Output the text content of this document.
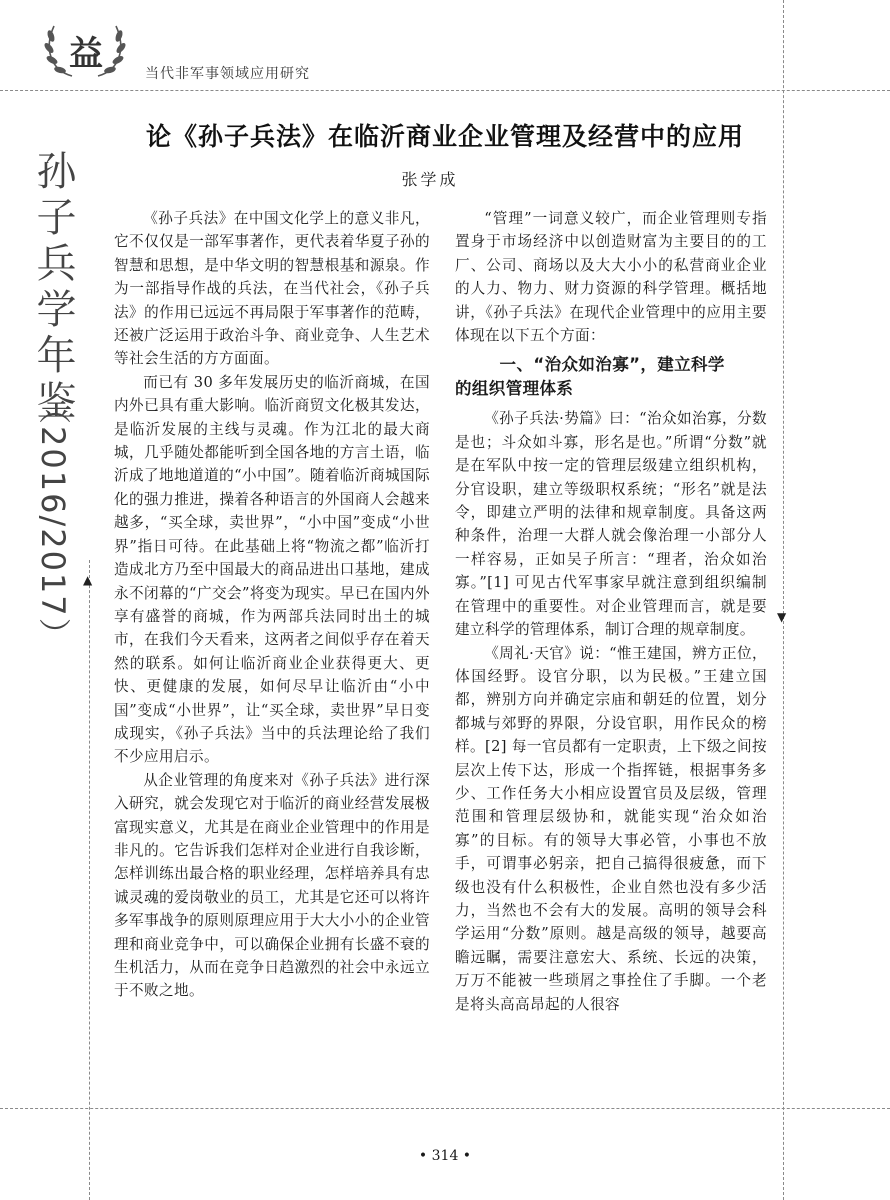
益	当代非军事领域应用研究
孙子兵学年鉴
（2016/2017）
论《孙子兵法》在临沂商业企业管理及经营中的应用
张学成

《孙子兵法》在中国文化学上的意义非凡，它不仅仅是一部军事著作，更代表着华夏子孙的智慧和思想，是中华文明的智慧根基和源泉。作为一部指导作战的兵法，在当代社会，《孙子兵法》的作用已远远不再局限于军事著作的范畴，还被广泛运用于政治斗争、商业竞争、人生艺术等社会生活的方方面面。

而已有 30 多年发展历史的临沂商城，在国内外已具有重大影响。临沂商贸文化极其发达，是临沂发展的主线与灵魂。作为江北的最大商城，几乎随处都能听到全国各地的方言土语，临沂成了地地道道的“小中国”。随着临沂商城国际化的强力推进，操着各种语言的外国商人会越来越多，“买全球，卖世界”，“小中国”变成“小世界”指日可待。在此基础上将“物流之都”临沂打造成北方乃至中国最大的商品进出口基地，建成永不闭幕的“广交会”将变为现实。早已在国内外享有盛誉的商城，作为两部兵法同时出土的城市，在我们今天看来，这两者之间似乎存在着天然的联系。如何让临沂商业企业获得更大、更快、更健康的发展，如何尽早让临沂由“小中国”变成“小世界”，让“买全球，卖世界”早日变成现实，《孙子兵法》当中的兵法理论给了我们不少应用启示。

从企业管理的角度来对《孙子兵法》进行深入研究，就会发现它对于临沂的商业经营发展极富现实意义，尤其是在商业企业管理中的作用是非凡的。它告诉我们怎样对企业进行自我诊断，怎样训练出最合格的职业经理，怎样培养具有忠诚灵魂的爱岗敬业的员工，尤其是它还可以将许多军事战争的原则原理应用于大大小小的企业管理和商业竞争中，可以确保企业拥有长盛不衰的生机活力，从而在竞争日趋激烈的社会中永远立于不败之地。

“管理”一词意义较广，而企业管理则专指置身于市场经济中以创造财富为主要目的的工厂、公司、商场以及大大小小的私营商业企业的人力、物力、财力资源的科学管理。概括地讲，《孙子兵法》在现代企业管理中的应用主要体现在以下五个方面：

一、“治众如治寡”，建立科学
的组织管理体系

《孙子兵法·势篇》曰：“治众如治寡，分数是也；斗众如斗寡，形名是也。”所谓“分数”就是在军队中按一定的管理层级建立组织机构，分官设职，建立等级职权系统；“形名”就是法令，即建立严明的法律和规章制度。具备这两种条件，治理一大群人就会像治理一小部分人一样容易，正如吴子所言：“理者，治众如治寡。”[1] 可见古代军事家早就注意到组织编制在管理中的重要性。对企业管理而言，就是要建立科学的管理体系，制订合理的规章制度。

《周礼·天官》说：“惟王建国，辨方正位，体国经野。设官分职，以为民极。”王建立国都，辨别方向并确定宗庙和朝廷的位置，划分都城与郊野的界限，分设官职，用作民众的榜样。[2] 每一官员都有一定职责，上下级之间按层次上传下达，形成一个指挥链，根据事务多少、工作任务大小相应设置官员及层级，管理范围和管理层级协和，就能实现“治众如治寡”的目标。有的领导大事必管，小事也不放手，可谓事必躬亲，把自己搞得很疲惫，而下级也没有什么积极性，企业自然也没有多少活力，当然也不会有大的发展。高明的领导会科学运用“分数”原则。越是高级的领导，越要高瞻远瞩，需要注意宏大、系统、长远的决策，万万不能被一些琐屑之事拴住了手脚。一个老是将头高高昂起的人很容

▲
▼
• 314 •
